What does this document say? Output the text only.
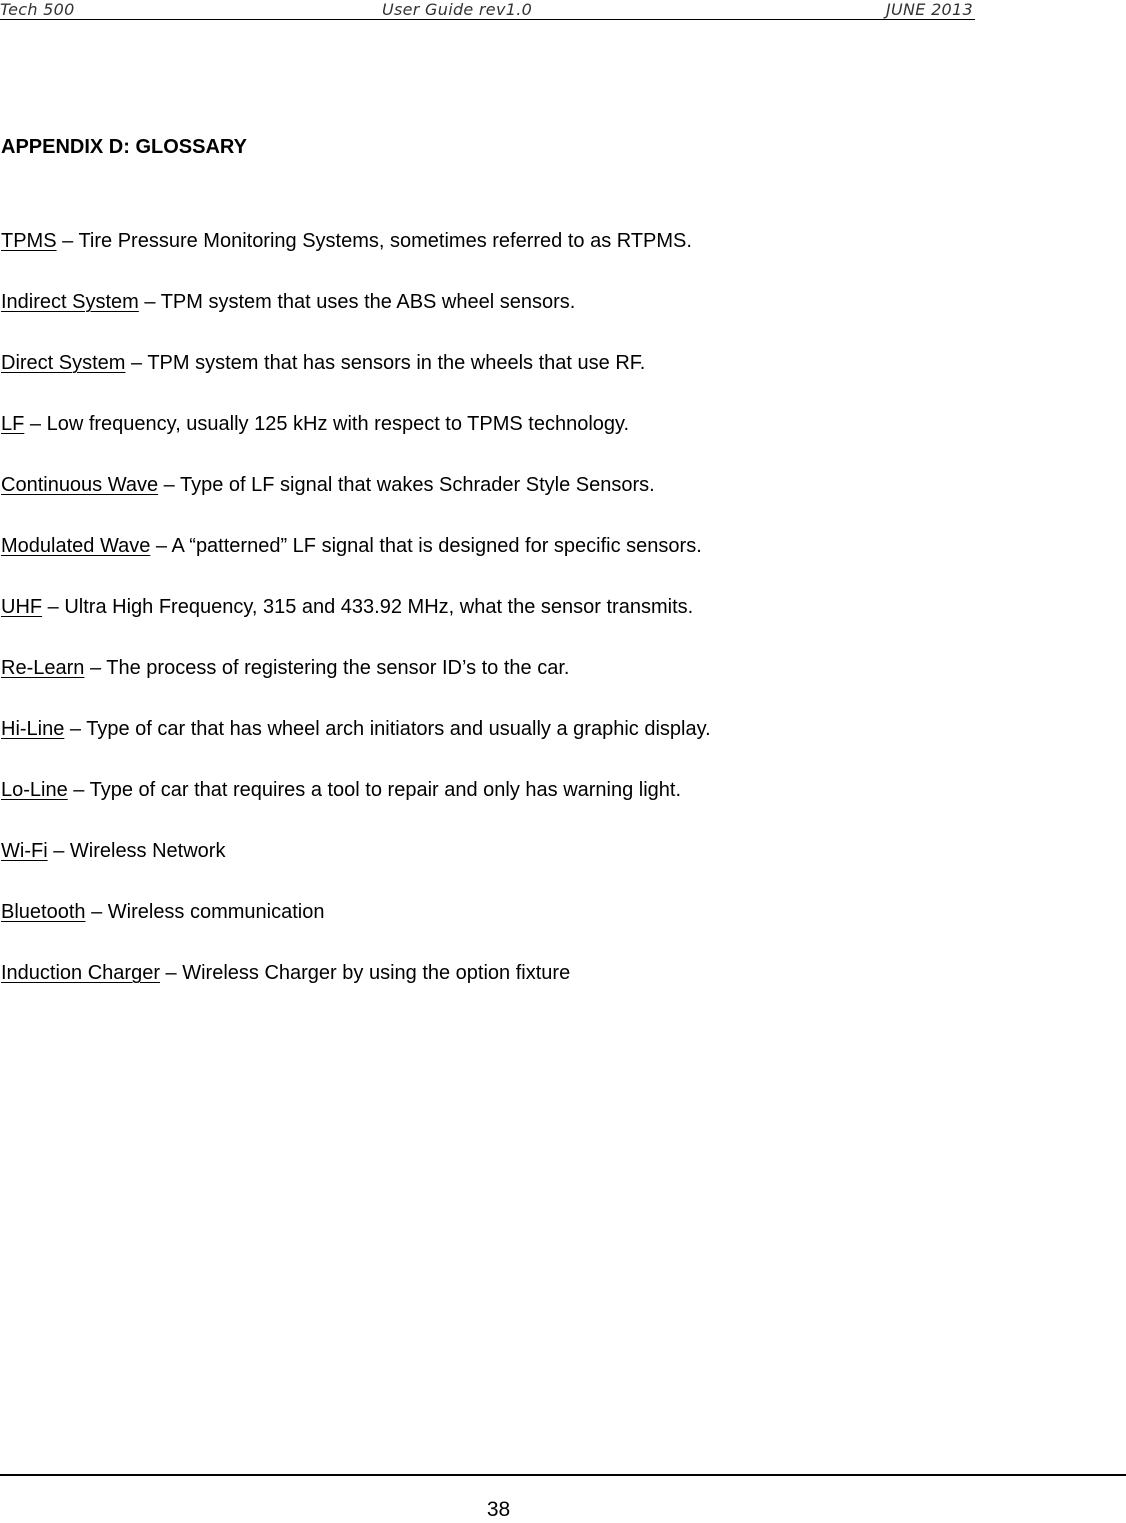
Tech 500	User Guide rev1.0	JUNE 2013
APPENDIX D: GLOSSARY
TPMS – Tire Pressure Monitoring Systems, sometimes referred to as RTPMS.
Indirect System – TPM system that uses the ABS wheel sensors.
Direct System – TPM system that has sensors in the wheels that use RF.
LF – Low frequency, usually 125 kHz with respect to TPMS technology.
Continuous Wave – Type of LF signal that wakes Schrader Style Sensors.
Modulated Wave – A “patterned” LF signal that is designed for specific sensors.
UHF – Ultra High Frequency, 315 and 433.92 MHz, what the sensor transmits.
Re-Learn – The process of registering the sensor ID’s to the car.
Hi-Line – Type of car that has wheel arch initiators and usually a graphic display.
Lo-Line – Type of car that requires a tool to repair and only has warning light.
Wi-Fi – Wireless Network
Bluetooth – Wireless communication
Induction Charger – Wireless Charger by using the option fixture
38
